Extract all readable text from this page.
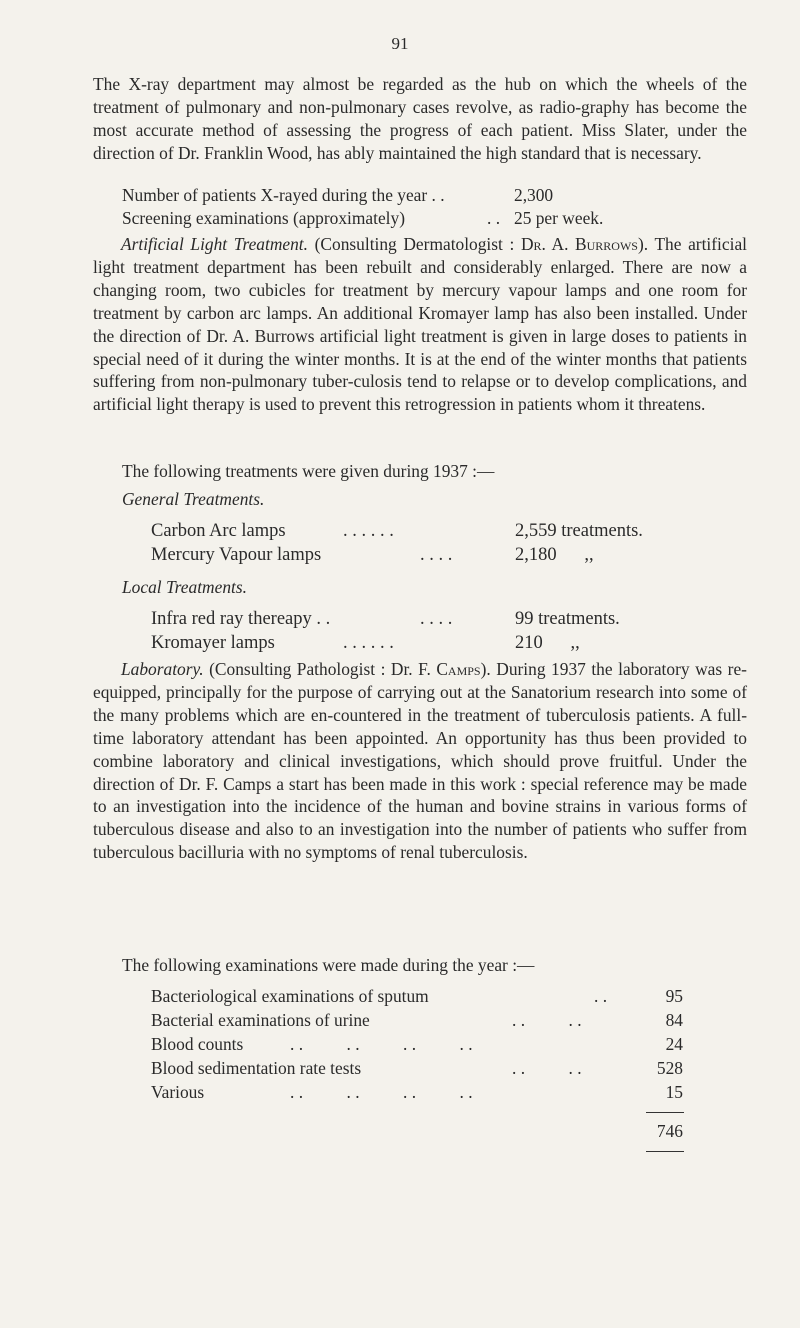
91

The X-ray department may almost be regarded as the hub on which the wheels of the treatment of pulmonary and non-pulmonary cases revolve, as radio-graphy has become the most accurate method of assessing the progress of each patient. Miss Slater, under the direction of Dr. Franklin Wood, has ably maintained the high standard that is necessary.

Number of patients X-rayed during the year . .	2,300
Screening examinations (approximately)	. . 25 per week.

Artificial Light Treatment. (Consulting Dermatologist : Dr. A. Burrows). The artificial light treatment department has been rebuilt and considerably enlarged. There are now a changing room, two cubicles for treatment by mercury vapour lamps and one room for treatment by carbon arc lamps. An additional Kromayer lamp has also been installed. Under the direction of Dr. A. Burrows artificial light treatment is given in large doses to patients in special need of it during the winter months. It is at the end of the winter months that patients suffering from non-pulmonary tuber-culosis tend to relapse or to develop complications, and artificial light therapy is used to prevent this retrogression in patients whom it threatens.

The following treatments were given during 1937 :—
General Treatments.
Carbon Arc lamps	. . . . . .	2,559 treatments.
Mercury Vapour lamps	. . . .	2,180      ,,
Local Treatments.
Infra red ray thereapy . .	. . . .	99 treatments.
Kromayer lamps	. . . . . .	210      ,,

Laboratory. (Consulting Pathologist : Dr. F. Camps). During 1937 the laboratory was re-equipped, principally for the purpose of carrying out at the Sanatorium research into some of the many problems which are en-countered in the treatment of tuberculosis patients. A full-time laboratory attendant has been appointed. An opportunity has thus been provided to combine laboratory and clinical investigations, which should prove fruitful. Under the direction of Dr. F. Camps a start has been made in this work : special reference may be made to an investigation into the incidence of the human and bovine strains in various forms of tuberculous disease and also to an investigation into the number of patients who suffer from tuberculous bacilluria with no symptoms of renal tuberculosis.

The following examinations were made during the year :—
Bacteriological examinations of sputum	. .	95
Bacterial examinations of urine	. .          . .	84
Blood counts	. .          . .          . .          . .	24
Blood sedimentation rate tests	. .          . .	528
Various	. .          . .          . .          . .	15
746
